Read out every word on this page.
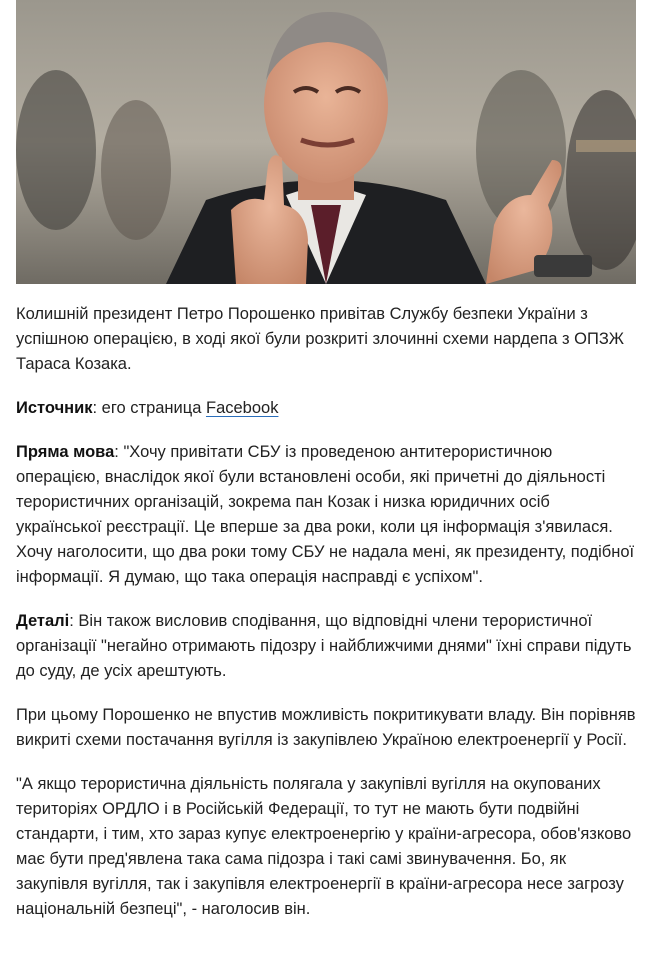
Колишній президент Петро Порошенко привітав Службу безпеки України з успішною операцією, в ході якої були розкриті злочинні схеми нардепа з ОПЗЖ Тараса Козака.

Источник: его страница Facebook

Пряма мова: "Хочу привітати СБУ із проведеною антитерористичною операцією, внаслідок якої були встановлені особи, які причетні до діяльності терористичних організацій, зокрема пан Козак і низка юридичних осіб української реєстрації. Це вперше за два роки, коли ця інформація з'явилася. Хочу наголосити, що два роки тому СБУ не надала мені, як президенту, подібної інформації. Я думаю, що така операція насправді є успіхом".

Деталі: Він також висловив сподівання, що відповідні члени терористичної організації "негайно отримають підозру і найближчими днями" їхні справи підуть до суду, де усіх арештують.

При цьому Порошенко не впустив можливість покритикувати владу. Він порівняв викриті схеми постачання вугілля із закупівлею Україною електроенергії у Росії.

"А якщо терористична діяльність полягала у закупівлі вугілля на окупованих територіях ОРДЛО і в Російській Федерації, то тут не мають бути подвійні стандарти, і тим, хто зараз купує електроенергію у країни-агресора, обов'язково має бути пред'явлена така сама підозра і такі самі звинувачення. Бо, як закупівля вугілля, так і закупівля електроенергії в країни-агресора несе загрозу національній безпеці", - наголосив він.
